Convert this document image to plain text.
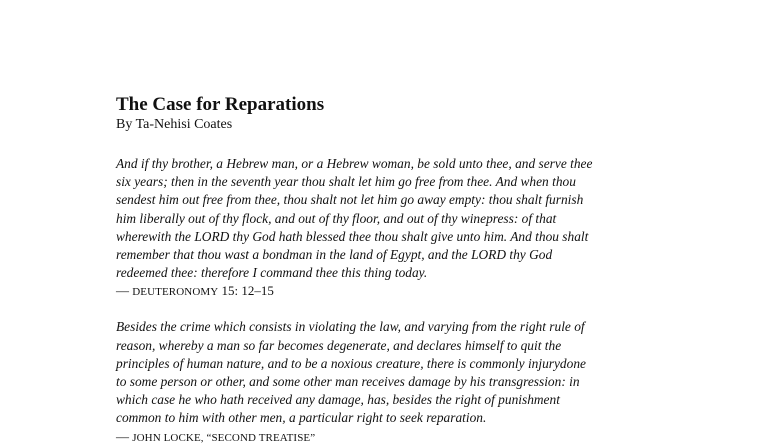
The Case for Reparations

By Ta-Nehisi Coates

And if thy brother, a Hebrew man, or a Hebrew woman, be sold unto thee, and serve thee
six years; then in the seventh year thou shalt let him go free from thee. And when thou
sendest him out free from thee, thou shalt not let him go away empty: thou shalt furnish
him liberally out of thy flock, and out of thy floor, and out of thy winepress: of that
wherewith the LORD thy God hath blessed thee thou shalt give unto him. And thou shalt
remember that thou wast a bondman in the land of Egypt, and the LORD thy God
redeemed thee: therefore I command thee this thing today.

— DEUTERONOMY 15: 12–15

Besides the crime which consists in violating the law, and varying from the right rule of
reason, whereby a man so far becomes degenerate, and declares himself to quit the
principles of human nature, and to be a noxious creature, there is commonly injurydone
to some person or other, and some other man receives damage by his transgression: in
which case he who hath received any damage, has, besides the right of punishment
common to him with other men, a particular right to seek reparation.

— JOHN LOCKE, “SECOND TREATISE”
